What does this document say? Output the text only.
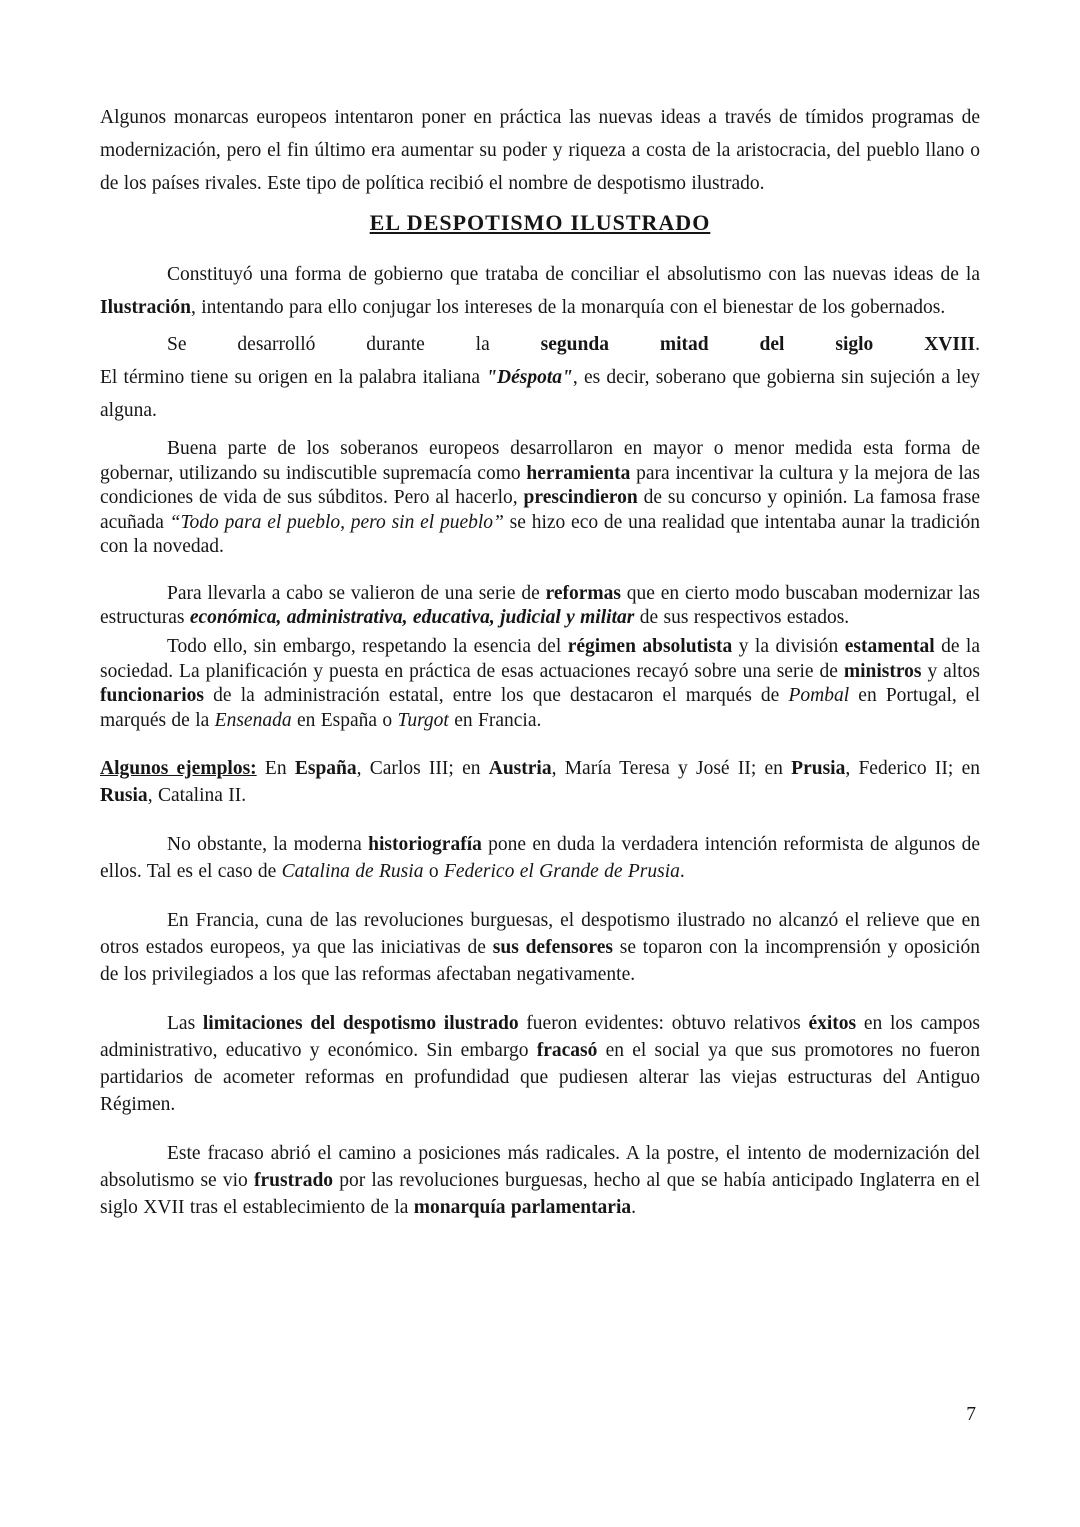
Algunos monarcas europeos intentaron poner en práctica las nuevas ideas a través de tímidos programas de modernización, pero el fin último era aumentar su poder y riqueza a costa de la aristocracia, del pueblo llano o de los países rivales. Este tipo de política recibió el nombre de despotismo ilustrado.

EL DESPOTISMO ILUSTRADO

Constituyó una forma de gobierno que trataba de conciliar el absolutismo con las nuevas ideas de la Ilustración, intentando para ello conjugar los intereses de la monarquía con el bienestar de los gobernados.

Se desarrolló durante la segunda mitad del siglo XVIII.
El término tiene su origen en la palabra italiana "Déspota", es decir, soberano que gobierna sin sujeción a ley alguna.

Buena parte de los soberanos europeos desarrollaron en mayor o menor medida esta forma de gobernar, utilizando su indiscutible supremacía como herramienta para incentivar la cultura y la mejora de las condiciones de vida de sus súbditos. Pero al hacerlo, prescindieron de su concurso y opinión. La famosa frase acuñada “Todo para el pueblo, pero sin el pueblo” se hizo eco de una realidad que intentaba aunar la tradición con la novedad.

Para llevarla a cabo se valieron de una serie de reformas que en cierto modo buscaban modernizar las estructuras económica, administrativa, educativa, judicial y militar de sus respectivos estados.

Todo ello, sin embargo, respetando la esencia del régimen absolutista y la división estamental de la sociedad. La planificación y puesta en práctica de esas actuaciones recayó sobre una serie de ministros y altos funcionarios de la administración estatal, entre los que destacaron el marqués de Pombal en Portugal, el marqués de la Ensenada en España o Turgot en Francia.

Algunos ejemplos: En España, Carlos III; en Austria, María Teresa y José II; en Prusia, Federico II; en Rusia, Catalina II.

No obstante, la moderna historiografía pone en duda la verdadera intención reformista de algunos de ellos. Tal es el caso de Catalina de Rusia o Federico el Grande de Prusia.

En Francia, cuna de las revoluciones burguesas, el despotismo ilustrado no alcanzó el relieve que en otros estados europeos, ya que las iniciativas de sus defensores se toparon con la incomprensión y oposición de los privilegiados a los que las reformas afectaban negativamente.

Las limitaciones del despotismo ilustrado fueron evidentes: obtuvo relativos éxitos en los campos administrativo, educativo y económico. Sin embargo fracasó en el social ya que sus promotores no fueron partidarios de acometer reformas en profundidad que pudiesen alterar las viejas estructuras del Antiguo Régimen.

Este fracaso abrió el camino a posiciones más radicales. A la postre, el intento de modernización del absolutismo se vio frustrado por las revoluciones burguesas, hecho al que se había anticipado Inglaterra en el siglo XVII tras el establecimiento de la monarquía parlamentaria.

7
